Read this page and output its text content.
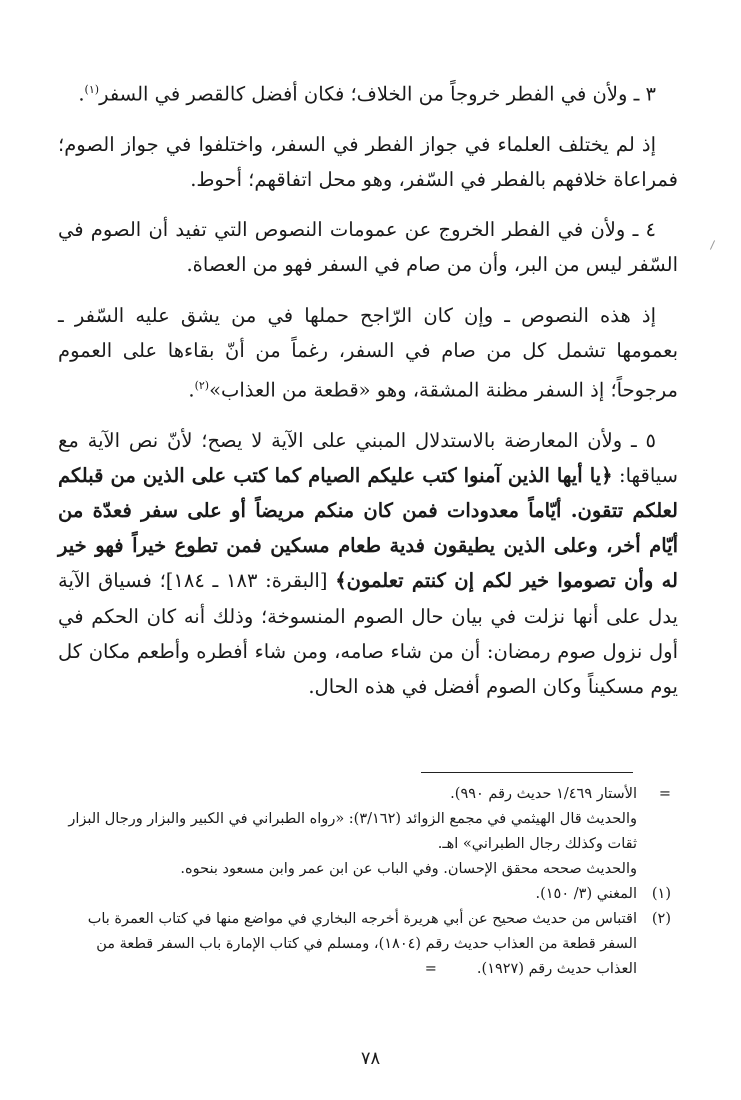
٣ ـ ولأن في الفطر خروجاً من الخلاف؛ فكان أفضل كالقصر في السفر$^{(١)}$.

إذ لم يختلف العلماء في جواز الفطر في السفر، واختلفوا في جواز الصوم؛ فمراعاة خلافهم بالفطر في السّفر، وهو محل اتفاقهم؛ أحوط.

٤ ـ ولأن في الفطر الخروج عن عمومات النصوص التي تفيد أن الصوم في السّفر ليس من البر، وأن من صام في السفر فهو من العصاة.

إذ هذه النصوص ـ وإن كان الرّاجح حملها في من يشق عليه السّفر ـ بعمومها تشمل كل من صام في السفر، رغماً من أنّ بقاءها على العموم مرجوحاً؛ إذ السفر مظنة المشقة، وهو «قطعة من العذاب»$^{(٢)}$.

٥ ـ ولأن المعارضة بالاستدلال المبني على الآية لا يصح؛ لأنّ نص الآية مع سياقها: ﴿يا أيها الذين آمنوا كتب عليكم الصيام كما كتب على الذين من قبلكم لعلكم تتقون. أيّاماً معدودات فمن كان منكم مريضاً أو على سفر فعدّة من أيّام أخر، وعلى الذين يطيقون فدية طعام مسكين فمن تطوع خيراً فهو خير له وأن تصوموا خير لكم إن كنتم تعلمون﴾ [البقرة: ١٨٣ ـ ١٨٤]؛ فسياق الآية يدل على أنها نزلت في بيان حال الصوم المنسوخة؛ وذلك أنه كان الحكم في أول نزول صوم رمضان: أن من شاء صامه، ومن شاء أفطره وأطعم مكان كل يوم مسكيناً وكان الصوم أفضل في هذه الحال.

=
الأستار ١/٤٦٩ حديث رقم ٩٩٠).
والحديث قال الهيثمي في مجمع الزوائد (٣/١٦٢): «رواه الطبراني في الكبير والبزار ورجال البزار ثقات وكذلك رجال الطبراني» اهـ.
والحديث صححه محقق الإحسان. وفي الباب عن ابن عمر وابن مسعود بنحوه.
(١)
المغني (٣/ ١٥٠).
(٢)
اقتباس من حديث صحيح عن أبي هريرة أخرجه البخاري في مواضع منها في كتاب العمرة باب السفر قطعة من العذاب حديث رقم (١٨٠٤)، ومسلم في كتاب الإمارة باب السفر قطعة من العذاب حديث رقم (١٩٢٧).=
٧٨
